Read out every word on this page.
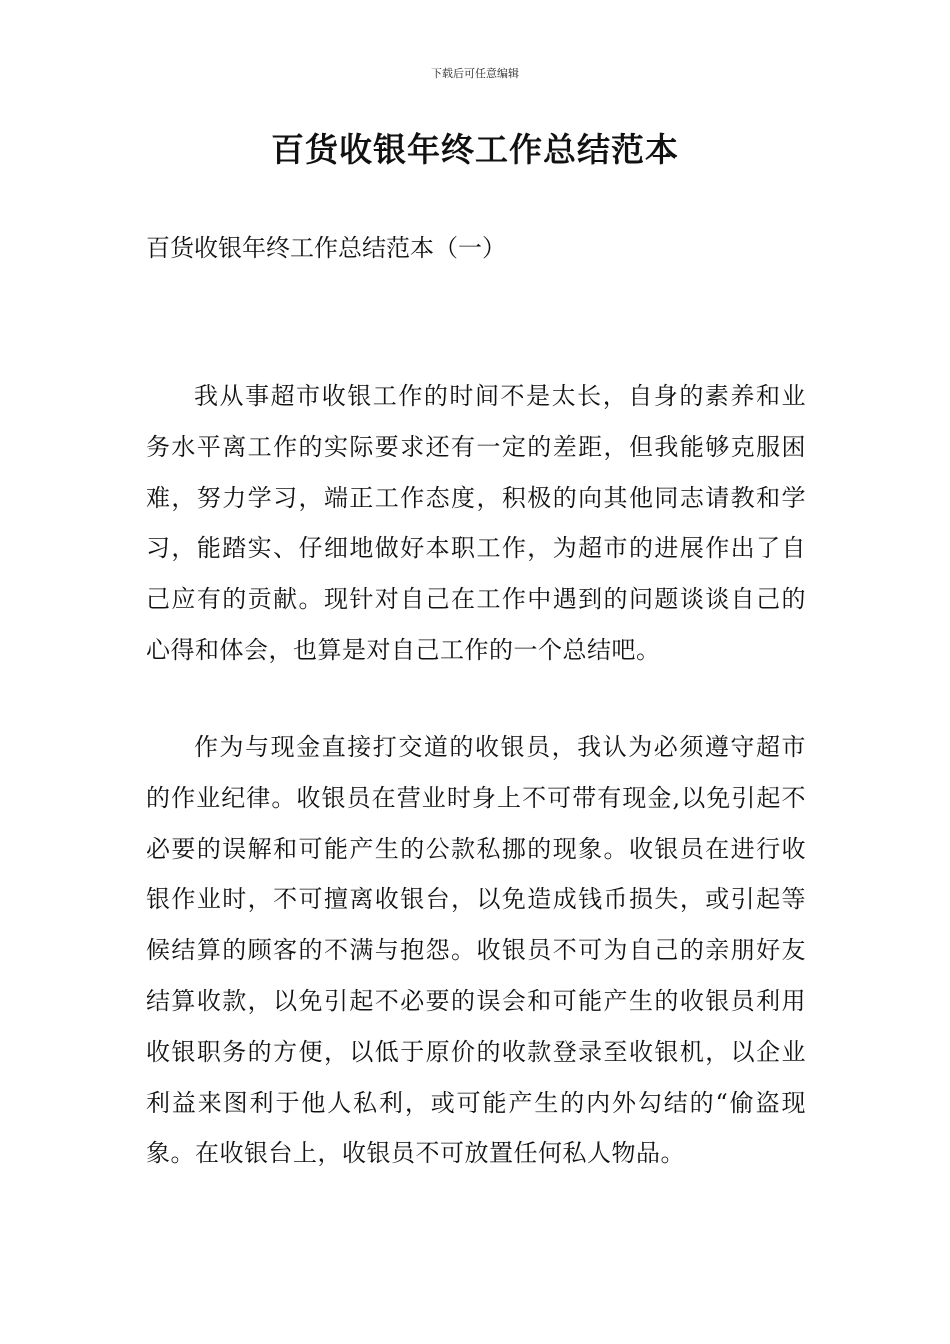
下载后可任意编辑
百货收银年终工作总结范本

百货收银年终工作总结范本（一）

我从事超市收银工作的时间不是太长，自身的素养和业务水平离工作的实际要求还有一定的差距，但我能够克服困难，努力学习，端正工作态度，积极的向其他同志请教和学习，能踏实、仔细地做好本职工作，为超市的进展作出了自己应有的贡献。现针对自己在工作中遇到的问题谈谈自己的心得和体会，也算是对自己工作的一个总结吧。

作为与现金直接打交道的收银员，我认为必须遵守超市的作业纪律。收银员在营业时身上不可带有现金,以免引起不必要的误解和可能产生的公款私挪的现象。收银员在进行收银作业时，不可擅离收银台，以免造成钱币损失，或引起等候结算的顾客的不满与抱怨。收银员不可为自己的亲朋好友结算收款，以免引起不必要的误会和可能产生的收银员利用收银职务的方便，以低于原价的收款登录至收银机，以企业利益来图利于他人私利，或可能产生的内外勾结的“偷盗现象。在收银台上，收银员不可放置任何私人物品。
